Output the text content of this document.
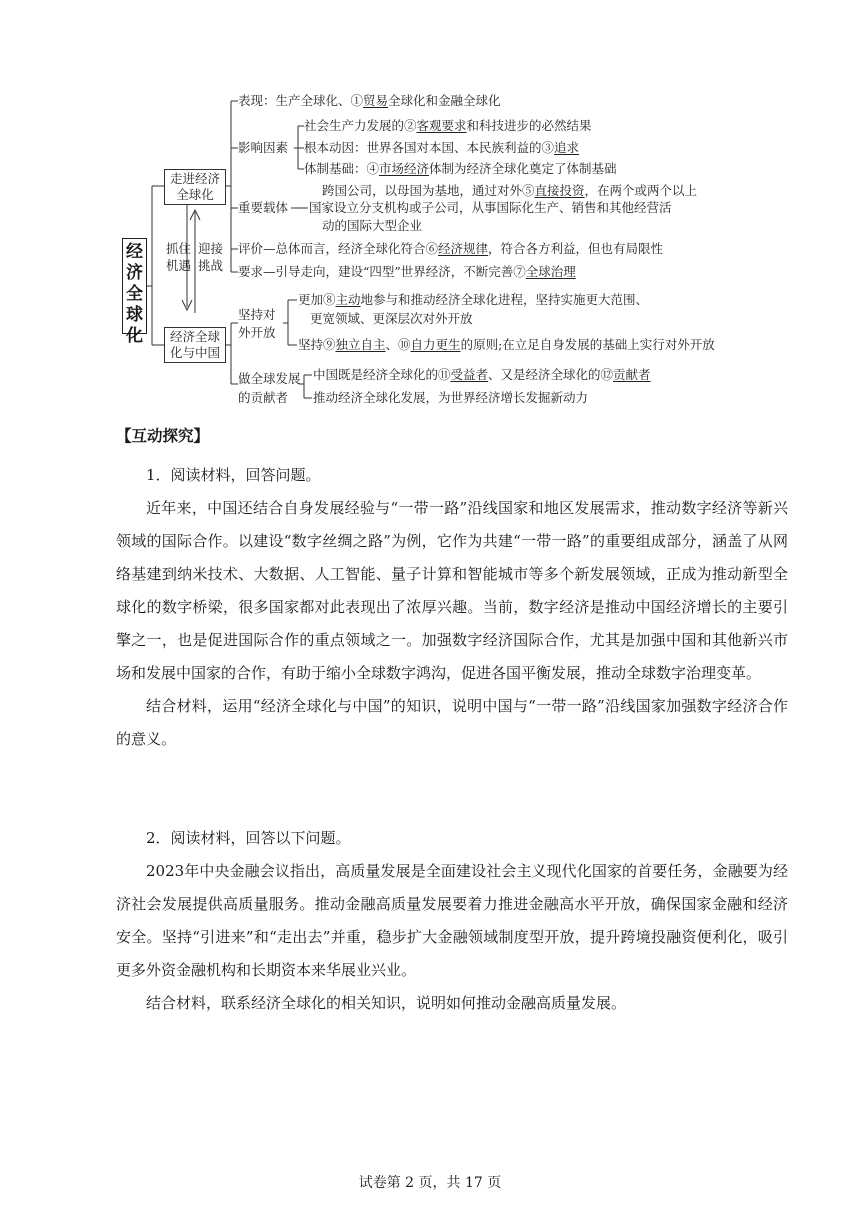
经
济
全
球
化
走进经济
全球化
经济全球
化与中国
抓住
机遇
迎接
挑战
表现：生产全球化、①贸易全球化和金融全球化
影响因素
社会生产力发展的②客观要求和科技进步的必然结果
根本动因：世界各国对本国、本民族利益的③追求
体制基础：④市场经济体制为经济全球化奠定了体制基础
重要载体
跨国公司，以母国为基地，通过对外⑤直接投资，在两个或两个以上
国家设立分支机构或子公司，从事国际化生产、销售和其他经营活
动的国际大型企业
评价—总体而言，经济全球化符合⑥经济规律，符合各方利益，但也有局限性
要求—引导走向，建设“四型”世界经济，不断完善⑦全球治理
坚持对
外开放
更加⑧主动地参与和推动经济全球化进程，坚持实施更大范围、
更宽领域、更深层次对外开放
坚持⑨独立自主、⑩自力更生的原则;在立足自身发展的基础上实行对外开放
做全球发展
的贡献者
中国既是经济全球化的⑪受益者、又是经济全球化的⑫贡献者
推动经济全球化发展，为世界经济增长发掘新动力
【互动探究】
1．阅读材料，回答问题。
近年来，中国还结合自身发展经验与“一带一路”沿线国家和地区发展需求，推动数字经济等新兴领域的国际合作。以建设“数字丝绸之路”为例，它作为共建“一带一路”的重要组成部分，涵盖了从网络基建到纳米技术、大数据、人工智能、量子计算和智能城市等多个新发展领域，正成为推动新型全球化的数字桥梁，很多国家都对此表现出了浓厚兴趣。当前，数字经济是推动中国经济增长的主要引擎之一，也是促进国际合作的重点领域之一。加强数字经济国际合作，尤其是加强中国和其他新兴市场和发展中国家的合作，有助于缩小全球数字鸿沟，促进各国平衡发展，推动全球数字治理变革。
结合材料，运用“经济全球化与中国”的知识，说明中国与“一带一路”沿线国家加强数字经济合作的意义。
2．阅读材料，回答以下问题。
2023年中央金融会议指出，高质量发展是全面建设社会主义现代化国家的首要任务，金融要为经济社会发展提供高质量服务。推动金融高质量发展要着力推进金融高水平开放，确保国家金融和经济安全。坚持“引进来”和“走出去”并重，稳步扩大金融领域制度型开放，提升跨境投融资便利化，吸引更多外资金融机构和长期资本来华展业兴业。
结合材料，联系经济全球化的相关知识，说明如何推动金融高质量发展。
试卷第 2 页，共 17 页
